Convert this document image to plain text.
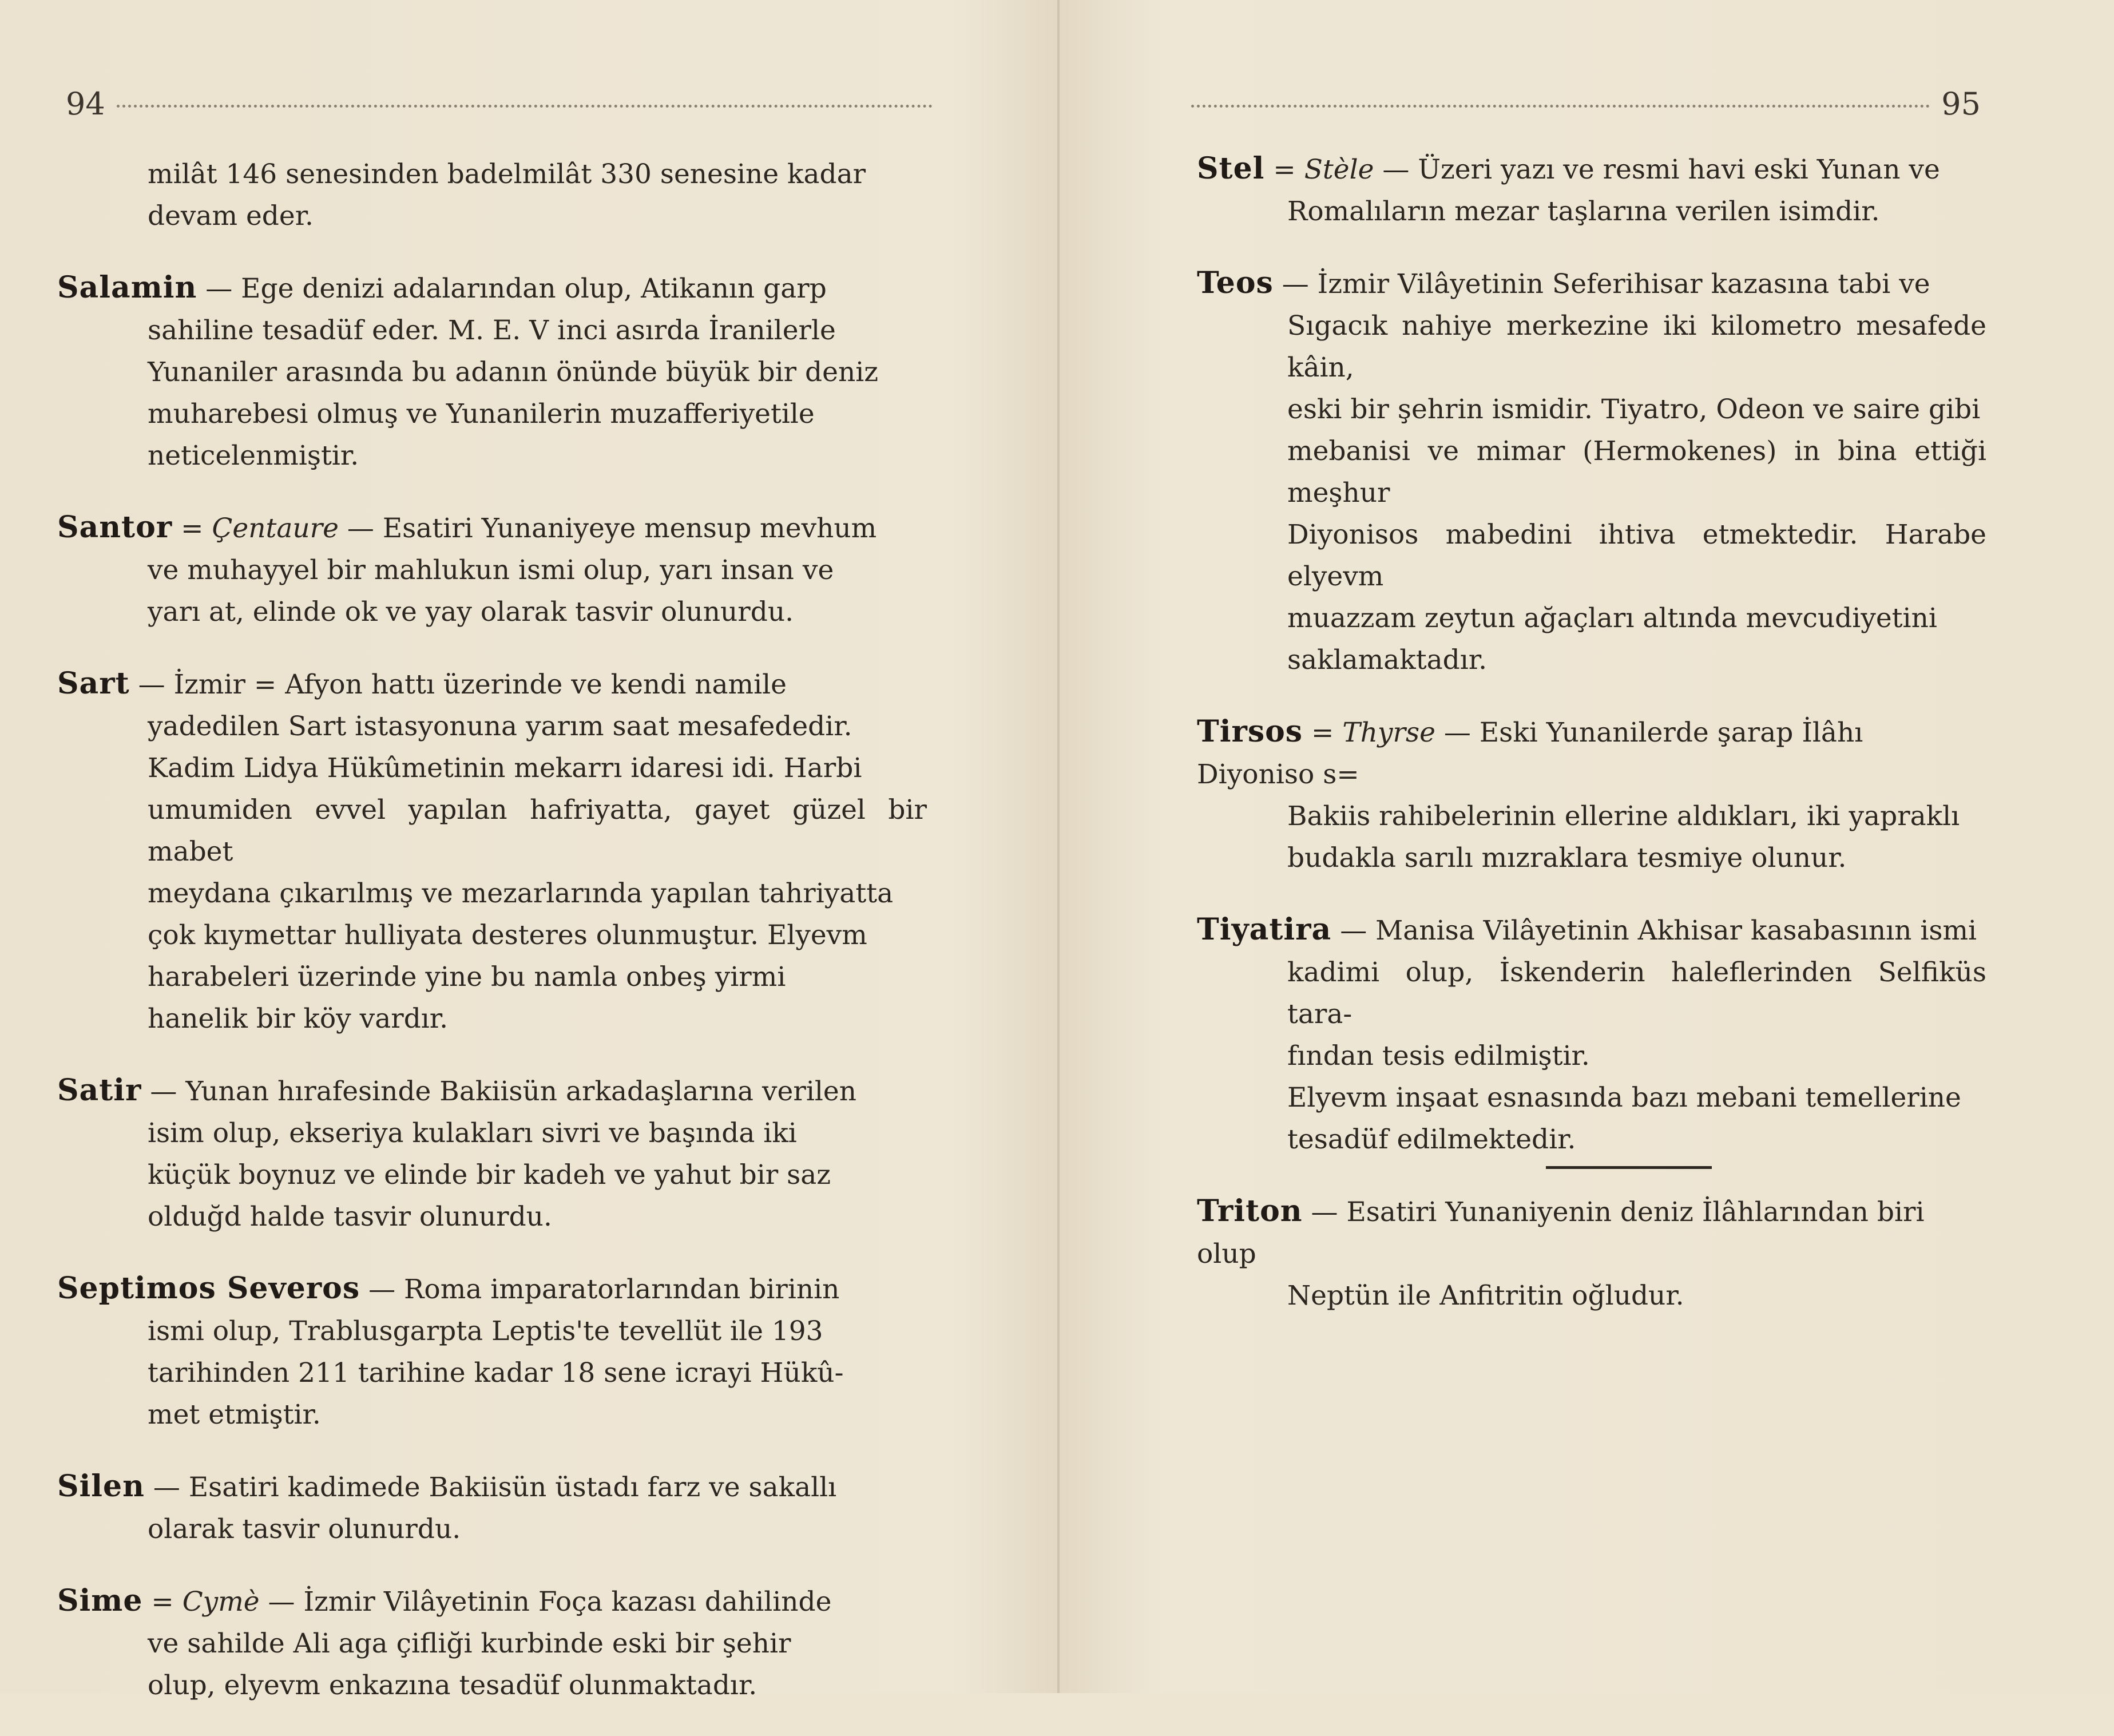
94
milât 146 senesinden badelmilât 330 senesine kadar
devam eder.
Salamin — Ege denizi adalarından olup, Atikanın garp
sahiline tesadüf eder. M. E. V inci asırda İranilerle
Yunaniler arasında bu adanın önünde büyük bir deniz
muharebesi olmuş ve Yunanilerin muzafferiyetile
neticelenmiştir.
Santor = Çentaure — Esatiri Yunaniyeye mensup mevhum
ve muhayyel bir mahlukun ismi olup, yarı insan ve
yarı at, elinde ok ve yay olarak tasvir olunurdu.
Sart — İzmir = Afyon hattı üzerinde ve kendi namile
yadedilen Sart istasyonuna yarım saat mesafededir.
Kadim Lidya Hükûmetinin mekarrı idaresi idi. Harbi
umumiden evvel yapılan hafriyatta, gayet güzel bir mabet
meydana çıkarılmış ve mezarlarında yapılan tahriyatta
çok kıymettar hulliyata desteres olunmuştur. Elyevm
harabeleri üzerinde yine bu namla onbeş yirmi
hanelik bir köy vardır.
Satir — Yunan hırafesinde Bakiisün arkadaşlarına verilen
isim olup, ekseriya kulakları sivri ve başında iki
küçük boynuz ve elinde bir kadeh ve yahut bir saz
olduğd halde tasvir olunurdu.
Septimos Severos — Roma imparatorlarından birinin
ismi olup, Trablusgarpta Leptis'te tevellüt ile 193
tarihinden 211 tarihine kadar 18 sene icrayi Hükû-
met etmiştir.
Silen — Esatiri kadimede Bakiisün üstadı farz ve sakallı
olarak tasvir olunurdu.
Sime = Cymè — İzmir Vilâyetinin Foça kazası dahilinde
ve sahilde Ali aga çifliği kurbinde eski bir şehir
olup, elyevm enkazına tesadüf olunmaktadır.
95
Stel = Stèle — Üzeri yazı ve resmi havi eski Yunan ve
Romalıların mezar taşlarına verilen isimdir.
Teos — İzmir Vilâyetinin Seferihisar kazasına tabi ve
Sıgacık nahiye merkezine iki kilometro mesafede kâin,
eski bir şehrin ismidir. Tiyatro, Odeon ve saire gibi
mebanisi ve mimar (Hermokenes) in bina ettiği meşhur
Diyonisos mabedini ihtiva etmektedir. Harabe elyevm
muazzam zeytun ağaçları altında mevcudiyetini
saklamaktadır.
Tirsos = Thyrse — Eski Yunanilerde şarap İlâhı Diyoniso s=
Bakiis rahibelerinin ellerine aldıkları, iki yapraklı
budakla sarılı mızraklara tesmiye olunur.
Tiyatira — Manisa Vilâyetinin Akhisar kasabasının ismi
kadimi olup, İskenderin haleflerinden Selfiküs tara-
fından tesis edilmiştir.
Elyevm inşaat esnasında bazı mebani temellerine
tesadüf edilmektedir.
Triton — Esatiri Yunaniyenin deniz İlâhlarından biri olup
Neptün ile Anfitritin oğludur.
